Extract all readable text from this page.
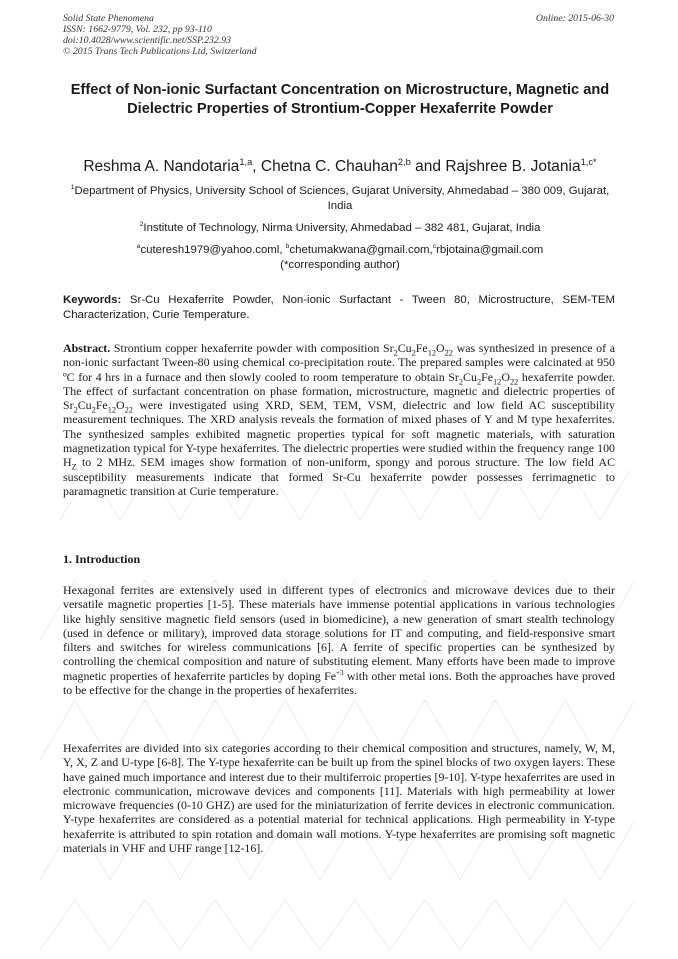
Solid State Phenomena
ISSN: 1662-9779, Vol. 232, pp 93-110
doi:10.4028/www.scientific.net/SSP.232.93
© 2015 Trans Tech Publications Ltd, Switzerland
Online: 2015-06-30
Effect of Non-ionic Surfactant Concentration on Microstructure, Magnetic and Dielectric Properties of Strontium-Copper Hexaferrite Powder
Reshma A. Nandotaria$^{1,a}$, Chetna C. Chauhan$^{2,b}$ and Rajshree B. Jotania$^{1,c*}$
$^1$Department of Physics, University School of Sciences, Gujarat University, Ahmedabad – 380 009, Gujarat, India
$^2$Institute of Technology, Nirma University, Ahmedabad – 382 481, Gujarat, India
$^a$cuteresh1979@yahoo.coml, $^b$chetumakwana@gmail.com,$^c$rbjotaina@gmail.com
(*corresponding author)
Keywords: Sr-Cu Hexaferrite Powder, Non-ionic Surfactant - Tween 80, Microstructure, SEM-TEM Characterization, Curie Temperature.
Abstract. Strontium copper hexaferrite powder with composition $Sr_2Cu_2Fe_{12}O_{22}$ was synthesized in presence of a non-ionic surfactant Tween-80 using chemical co-precipitation route. The prepared samples were calcinated at 950 ºC for 4 hrs in a furnace and then slowly cooled to room temperature to obtain $Sr_2Cu_2Fe_{12}O_{22}$ hexaferrite powder. The effect of surfactant concentration on phase formation, microstructure, magnetic and dielectric properties of $Sr_2Cu_2Fe_{12}O_{22}$ were investigated using XRD, SEM, TEM, VSM, dielectric and low field AC susceptibility measurement techniques. The XRD analysis reveals the formation of mixed phases of Y and M type hexaferrites. The synthesized samples exhibited magnetic properties typical for soft magnetic materials, with saturation magnetization typical for Y-type hexaferrites. The dielectric properties were studied within the frequency range 100 $H_Z$ to 2 MHz. SEM images show formation of non-uniform, spongy and porous structure. The low field AC susceptibility measurements indicate that formed Sr-Cu hexaferrite powder possesses ferrimagnetic to paramagnetic transition at Curie temperature.
1. Introduction
Hexagonal ferrites are extensively used in different types of electronics and microwave devices due to their versatile magnetic properties [1-5]. These materials have immense potential applications in various technologies like highly sensitive magnetic field sensors (used in biomedicine), a new generation of smart stealth technology (used in defence or military), improved data storage solutions for IT and computing, and field-responsive smart filters and switches for wireless communications [6]. A ferrite of specific properties can be synthesized by controlling the chemical composition and nature of substituting element. Many efforts have been made to improve magnetic properties of hexaferrite particles by doping $Fe^{+3}$ with other metal ions. Both the approaches have proved to be effective for the change in the properties of hexaferrites.
Hexaferrites are divided into six categories according to their chemical composition and structures, namely, W, M, Y, X, Z and U-type [6-8]. The Y-type hexaferrite can be built up from the spinel blocks of two oxygen layers. These have gained much importance and interest due to their multiferroic properties [9-10]. Y-type hexaferrites are used in electronic communication, microwave devices and components [11]. Materials with high permeability at lower microwave frequencies (0-10 GHZ) are used for the miniaturization of ferrite devices in electronic communication. Y-type hexaferrites are considered as a potential material for technical applications. High permeability in Y-type hexaferrite is attributed to spin rotation and domain wall motions. Y-type hexaferrites are promising soft magnetic materials in VHF and UHF range [12-16].
